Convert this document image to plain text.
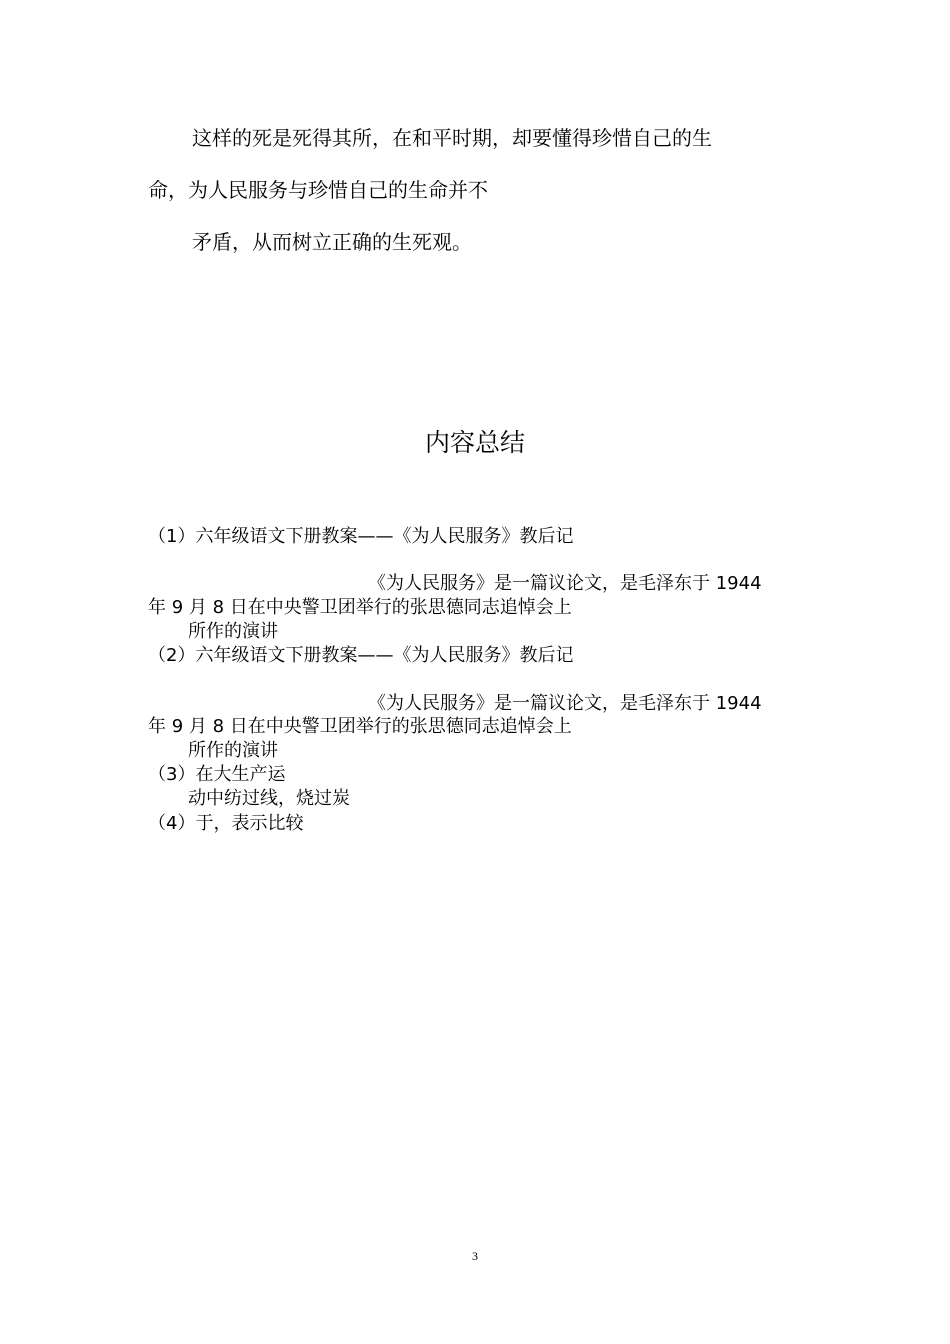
这样的死是死得其所，在和平时期，却要懂得珍惜自己的生
命，为人民服务与珍惜自己的生命并不
矛盾，从而树立正确的生死观。
内容总结
（1）六年级语文下册教案——《为人民服务》教后记
《为人民服务》是一篇议论文，是毛泽东于 1944
年 9 月 8 日在中央警卫团举行的张思德同志追悼会上
所作的演讲
（2）六年级语文下册教案——《为人民服务》教后记
《为人民服务》是一篇议论文，是毛泽东于 1944
年 9 月 8 日在中央警卫团举行的张思德同志追悼会上
所作的演讲
（3）在大生产运
动中纺过线，烧过炭
（4）于，表示比较
3
